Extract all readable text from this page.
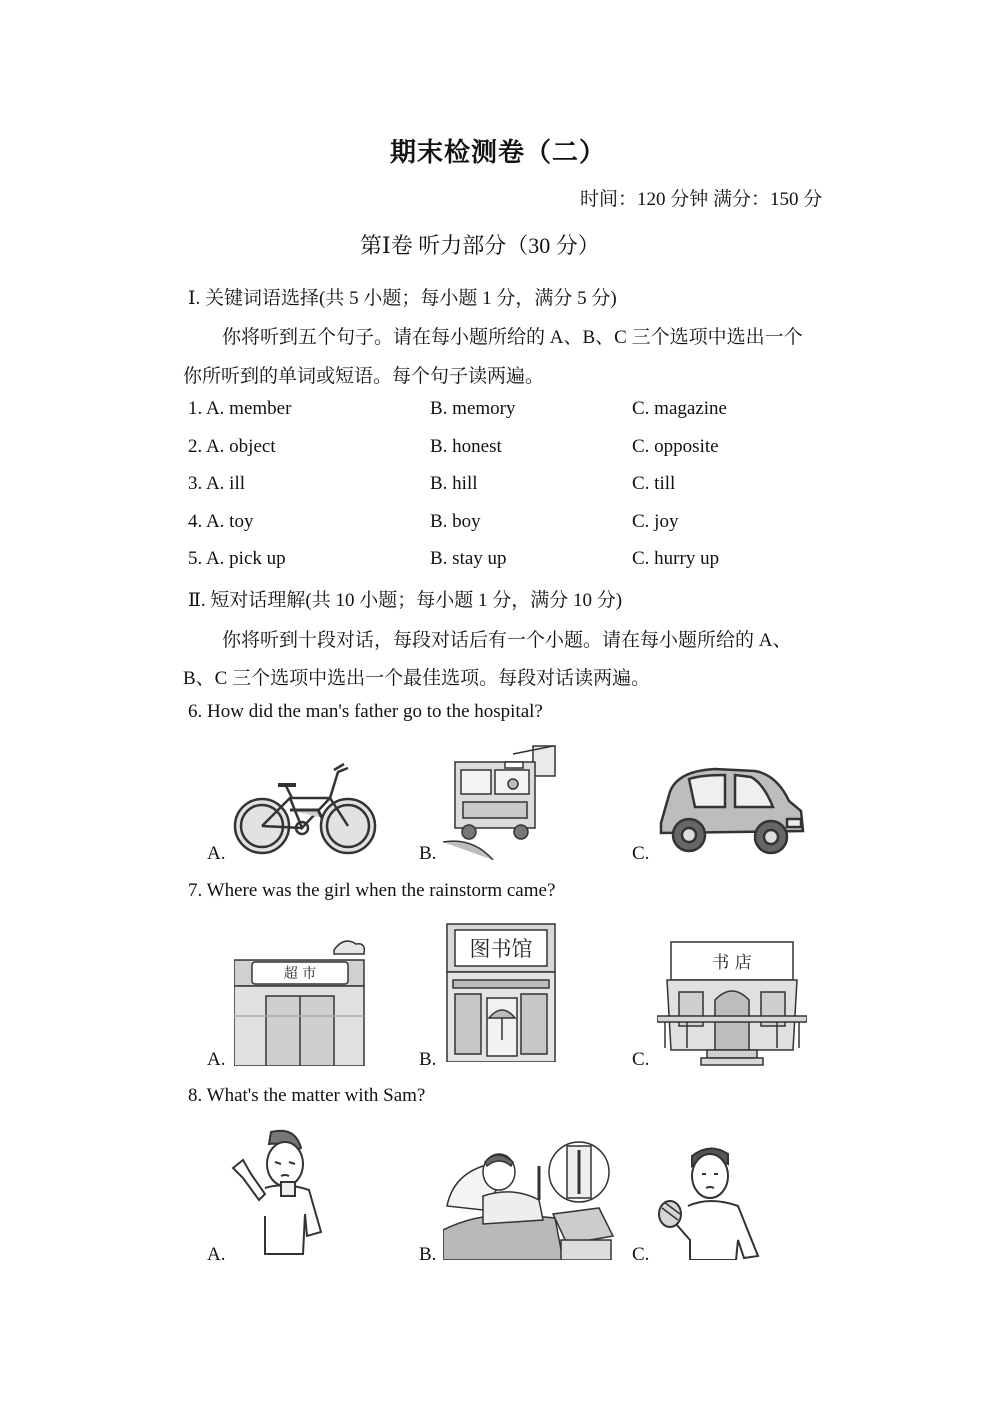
期末检测卷（二）
时间：120 分钟 满分：150 分
第Ⅰ卷 听力部分（30 分）
Ⅰ. 关键词语选择(共 5 小题；每小题 1 分，满分 5 分)
你将听到五个句子。请在每小题所给的 A、B、C 三个选项中选出一个
你所听到的单词或短语。每个句子读两遍。
1. A. member	B. memory	C. magazine
2. A. object	B. honest	C. opposite
3. A. ill	B. hill	C. till
4. A. toy	B. boy	C. joy
5. A. pick up	B. stay up	C. hurry up
Ⅱ. 短对话理解(共 10 小题；每小题 1 分，满分 10 分)
你将听到十段对话，每段对话后有一个小题。请在每小题所给的 A、
B、C 三个选项中选出一个最佳选项。每段对话读两遍。
6. How did the man's father go to the hospital?
A.	B.	C.
7. Where was the girl when the rainstorm came?
A.	B.	C.
超 市
图书馆
书 店
8. What's the matter with Sam?
A.	B.	C.
